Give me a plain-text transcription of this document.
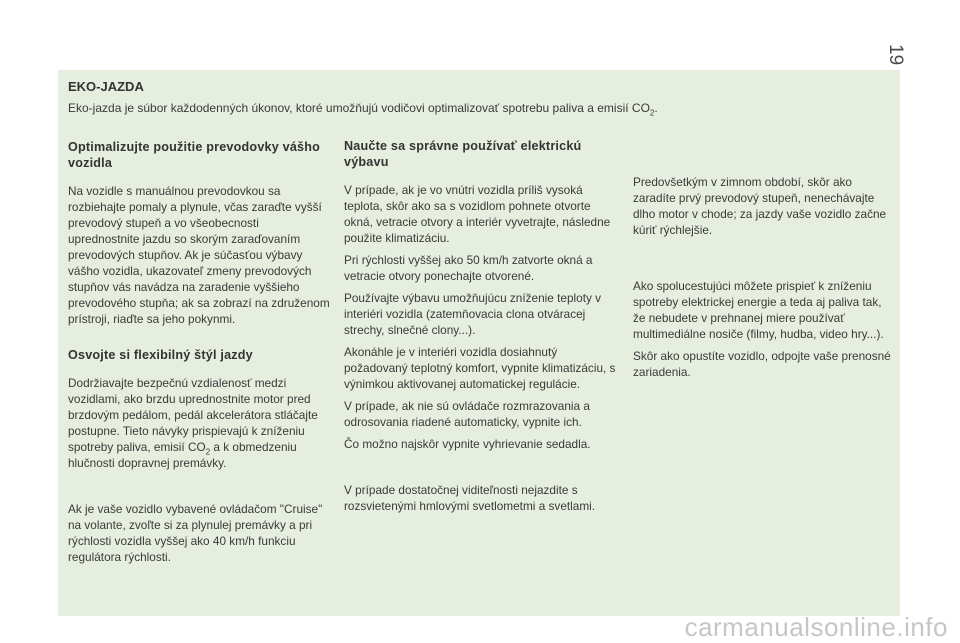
19
EKO-JAZDA
Eko-jazda je súbor každodenných úkonov, ktoré umožňujú vodičovi optimalizovať spotrebu paliva a emisií $CO_2$.
Optimalizujte použitie prevodovky vášho vozidla

Na vozidle s manuálnou prevodovkou sa rozbiehajte pomaly a plynule, včas zaraďte vyšší prevodový stupeň a vo všeobecnosti uprednostnite jazdu so skorým zaraďovaním prevodových stupňov. Ak je súčasťou výbavy vášho vozidla, ukazovateľ zmeny prevodových stupňov vás navádza na zaradenie vyššieho prevodového stupňa; ak sa zobrazí na združenom prístroji, riaďte sa jeho pokynmi.

Osvojte si flexibilný štýl jazdy

Dodržiavajte bezpečnú vzdialenosť medzi vozidlami, ako brzdu uprednostnite motor pred brzdovým pedálom, pedál akcelerátora stláčajte postupne. Tieto návyky prispievajú k zníženiu spotreby paliva, emisií $CO_2$ a k obmedzeniu hlučnosti dopravnej premávky.

Ak je vaše vozidlo vybavené ovládačom "Cruise" na volante, zvoľte si za plynulej premávky a pri rýchlosti vozidla vyššej ako 40 km/h funkciu regulátora rýchlosti.

Naučte sa správne používať elektrickú výbavu

V prípade, ak je vo vnútri vozidla príliš vysoká teplota, skôr ako sa s vozidlom pohnete otvorte okná, vetracie otvory a interiér vyvetrajte, následne použite klimatizáciu.

Pri rýchlosti vyššej ako 50 km/h zatvorte okná a vetracie otvory ponechajte otvorené.

Používajte výbavu umožňujúcu zníženie teploty v interiéri vozidla (zatemňovacia clona otváracej strechy, slnečné clony...).

Akonáhle je v interiéri vozidla dosiahnutý požadovaný teplotný komfort, vypnite klimatizáciu, s výnimkou aktivovanej automatickej regulácie.

V prípade, ak nie sú ovládače rozmrazovania a odrosovania riadené automaticky, vypnite ich.

Čo možno najskôr vypnite vyhrievanie sedadla.

V prípade dostatočnej viditeľnosti nejazdite s rozsvietenými hmlovými svetlometmi a svetlami.

Predovšetkým v zimnom období, skôr ako zaradíte prvý prevodový stupeň, nenechávajte dlho motor v chode; za jazdy vaše vozidlo začne kúriť rýchlejšie.

Ako spolucestujúci môžete prispieť k zníženiu spotreby elektrickej energie a teda aj paliva tak, že nebudete v prehnanej miere používať multimediálne nosiče (filmy, hudba, video hry...).

Skôr ako opustíte vozidlo, odpojte vaše prenosné zariadenia.

carmanualsonline.info
